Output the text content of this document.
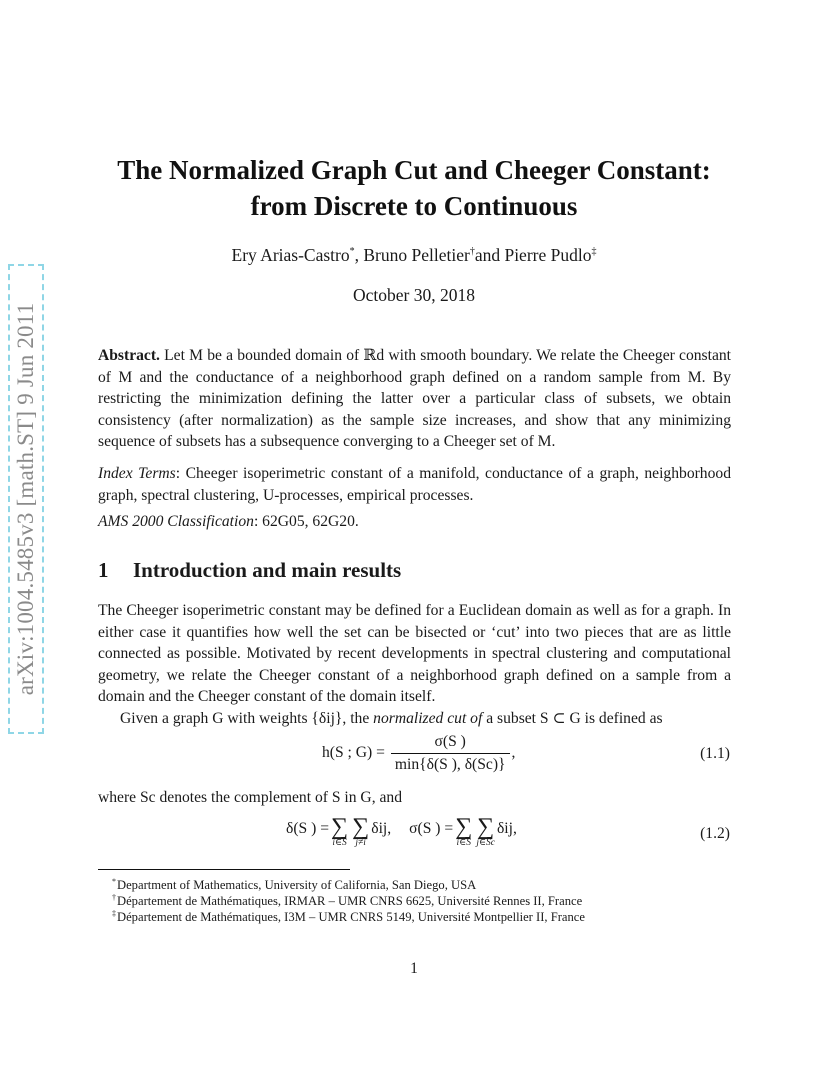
arXiv:1004.5485v3 [math.ST] 9 Jun 2011
The Normalized Graph Cut and Cheeger Constant:
from Discrete to Continuous
Ery Arias-Castro*, Bruno Pelletier†and Pierre Pudlo‡
October 30, 2018
Abstract. Let M be a bounded domain of ℝd with smooth boundary. We relate the Cheeger constant of M and the conductance of a neighborhood graph defined on a random sample from M. By restricting the minimization defining the latter over a particular class of subsets, we obtain consistency (after normalization) as the sample size increases, and show that any minimizing sequence of subsets has a subsequence converging to a Cheeger set of M.
Index Terms: Cheeger isoperimetric constant of a manifold, conductance of a graph, neighborhood graph, spectral clustering, U-processes, empirical processes.
AMS 2000 Classification: 62G05, 62G20.
1 Introduction and main results

The Cheeger isoperimetric constant may be defined for a Euclidean domain as well as for a graph. In either case it quantifies how well the set can be bisected or ‘cut’ into two pieces that are as little connected as possible. Motivated by recent developments in spectral clustering and computational geometry, we relate the Cheeger constant of a neighborhood graph defined on a sample from a domain and the Cheeger constant of the domain itself.

Given a graph G with weights {δij}, the normalized cut of a subset S ⊂ G is defined as

h(S ; $G) = \frac{\sigma(S )}{\min\{\delta(S ), \delta(Sc)\}}$ ,	(1.1)
where Sc denotes the complement of S in G, and
δ(S ) = ∑
i∈S
∑
j≠i
δij, σ(S ) = ∑
i∈S
∑
j∈Sc
δij,	(1.2)
*Department of Mathematics, University of California, San Diego, USA
†Département de Mathématiques, IRMAR – UMR CNRS 6625, Université Rennes II, France
‡Département de Mathématiques, I3M – UMR CNRS 5149, Université Montpellier II, France
1
